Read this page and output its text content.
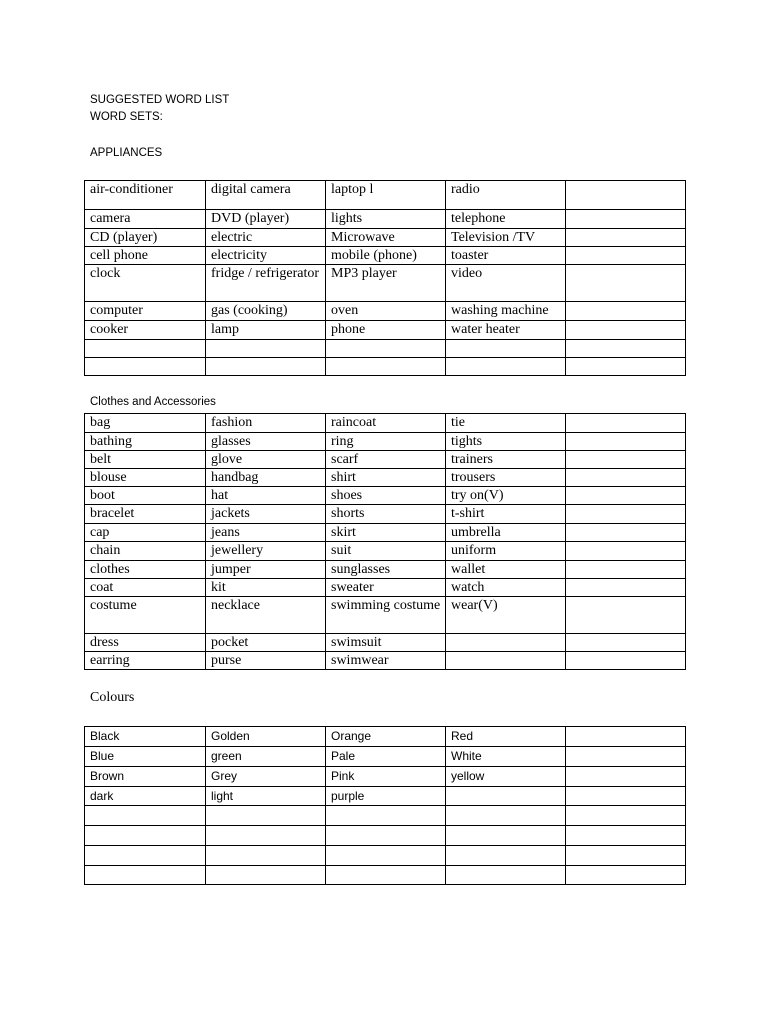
SUGGESTED WORD LIST
WORD SETS:
APPLIANCES
air-conditioner	digital camera	laptop l	radio	
camera	DVD (player)	lights	telephone	
CD (player)	electric	Microwave	Television /TV	
cell phone	electricity	mobile (phone)	toaster	
clock	fridge / refrigerator	MP3 player	video	
computer	gas (cooking)	oven	washing machine	
cooker	lamp	phone	water heater	

Clothes and Accessories
bag	fashion	raincoat	tie	
bathing	glasses	ring	tights	
belt	glove	scarf	trainers	
blouse	handbag	shirt	trousers	
boot	hat	shoes	try on(V)	
bracelet	jackets	shorts	t-shirt	
cap	jeans	skirt	umbrella	
chain	jewellery	suit	uniform	
clothes	jumper	sunglasses	wallet	
coat	kit	sweater	watch	
costume	necklace	swimming costume	wear(V)	
dress	pocket	swimsuit		
earring	purse	swimwear		
Colours
Black	Golden	Orange	Red	
Blue	green	Pale	White	
Brown	Grey	Pink	yellow	
dark	light	purple		
